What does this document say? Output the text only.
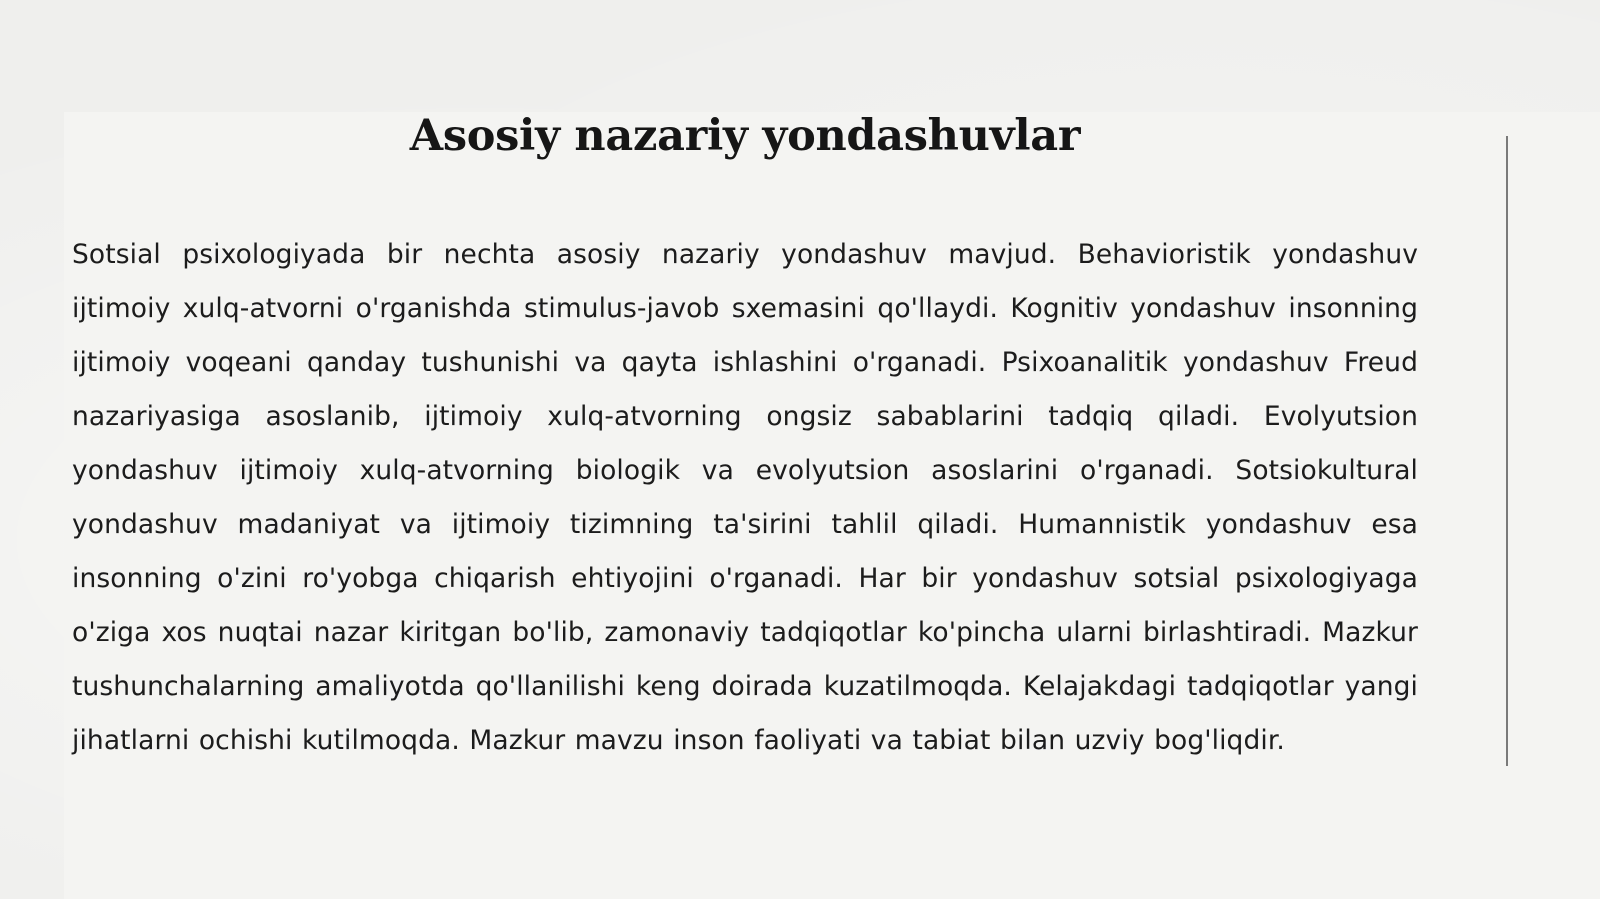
Asosiy nazariy yondashuvlar

Sotsial psixologiyada bir nechta asosiy nazariy yondashuv mavjud. Behavioristik yondashuv ijtimoiy xulq-atvorni o'rganishda stimulus-javob sxemasini qo'llaydi. Kognitiv yondashuv insonning ijtimoiy voqeani qanday tushunishi va qayta ishlashini o'rganadi. Psixoanalitik yondashuv Freud nazariyasiga asoslanib, ijtimoiy xulq-atvorning ongsiz sabablarini tadqiq qiladi. Evolyutsion yondashuv ijtimoiy xulq-atvorning biologik va evolyutsion asoslarini o'rganadi. Sotsiokultural yondashuv madaniyat va ijtimoiy tizimning ta'sirini tahlil qiladi. Humannistik yondashuv esa insonning o'zini ro'yobga chiqarish ehtiyojini o'rganadi. Har bir yondashuv sotsial psixologiyaga o'ziga xos nuqtai nazar kiritgan bo'lib, zamonaviy tadqiqotlar ko'pincha ularni birlashtiradi. Mazkur tushunchalarning amaliyotda qo'llanilishi keng doirada kuzatilmoqda. Kelajakdagi tadqiqotlar yangi jihatlarni ochishi kutilmoqda. Mazkur mavzu inson faoliyati va tabiat bilan uzviy bog'liqdir.
